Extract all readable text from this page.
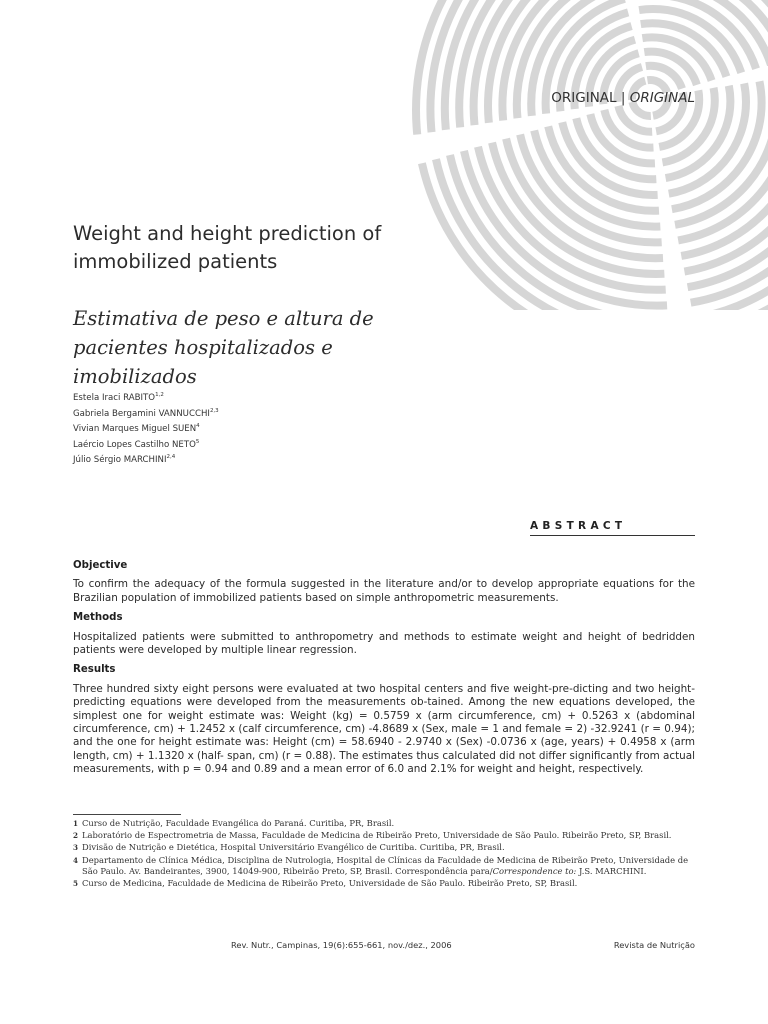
ORIGINAL | ORIGINAL
Weight and height prediction of immobilized patients
Estimativa de peso e altura de pacientes hospitalizados e imobilizados
Estela Iraci RABITO$^{1,2}$
Gabriela Bergamini VANNUCCHI$^{2,3}$
Vivian Marques Miguel SUEN$^4$
Laércio Lopes Castilho NETO$^5$
Júlio Sérgio MARCHINI$^{2,4}$
ABSTRACT
Objective

To confirm the adequacy of the formula suggested in the literature and/or to develop appropriate equations for the Brazilian population of immobilized patients based on simple anthropometric measurements.

Methods

Hospitalized patients were submitted to anthropometry and methods to estimate weight and height of bedridden patients were developed by multiple linear regression.

Results

Three hundred sixty eight persons were evaluated at two hospital centers and five weight-pre-dicting and two height-predicting equations were developed from the measurements ob-tained. Among the new equations developed, the simplest one for weight estimate was: Weight (kg) = 0.5759 x (arm circumference, cm) + 0.5263 x (abdominal circumference, cm) + 1.2452 x (calf circumference, cm) -4.8689 x (Sex, male = 1 and female = 2) -32.9241 (r = 0.94); and the one for height estimate was: Height (cm) = 58.6940 - 2.9740 x (Sex) -0.0736 x (age, years) + 0.4958 x (arm length, cm) + 1.1320 x (half- span, cm) (r = 0.88). The estimates thus calculated did not differ significantly from actual measurements, with p = 0.94 and 0.89 and a mean error of 6.0 and 2.1% for weight and height, respectively.

1 Curso de Nutrição, Faculdade Evangélica do Paraná. Curitiba, PR, Brasil.
2 Laboratório de Espectrometria de Massa, Faculdade de Medicina de Ribeirão Preto, Universidade de São Paulo. Ribeirão Preto, SP, Brasil.
3 Divisão de Nutrição e Dietética, Hospital Universitário Evangélico de Curitiba. Curitiba, PR, Brasil.
4 Departamento de Clínica Médica, Disciplina de Nutrologia, Hospital de Clínicas da Faculdade de Medicina de Ribeirão Preto, Universidade de São Paulo. Av. Bandeirantes, 3900, 14049-900, Ribeirão Preto, SP, Brasil. Correspondência para/Correspondence to: J.S. MARCHINI.
5 Curso de Medicina, Faculdade de Medicina de Ribeirão Preto, Universidade de São Paulo. Ribeirão Preto, SP, Brasil.
Rev. Nutr., Campinas, 19(6):655-661, nov./dez., 2006	Revista de Nutrição
